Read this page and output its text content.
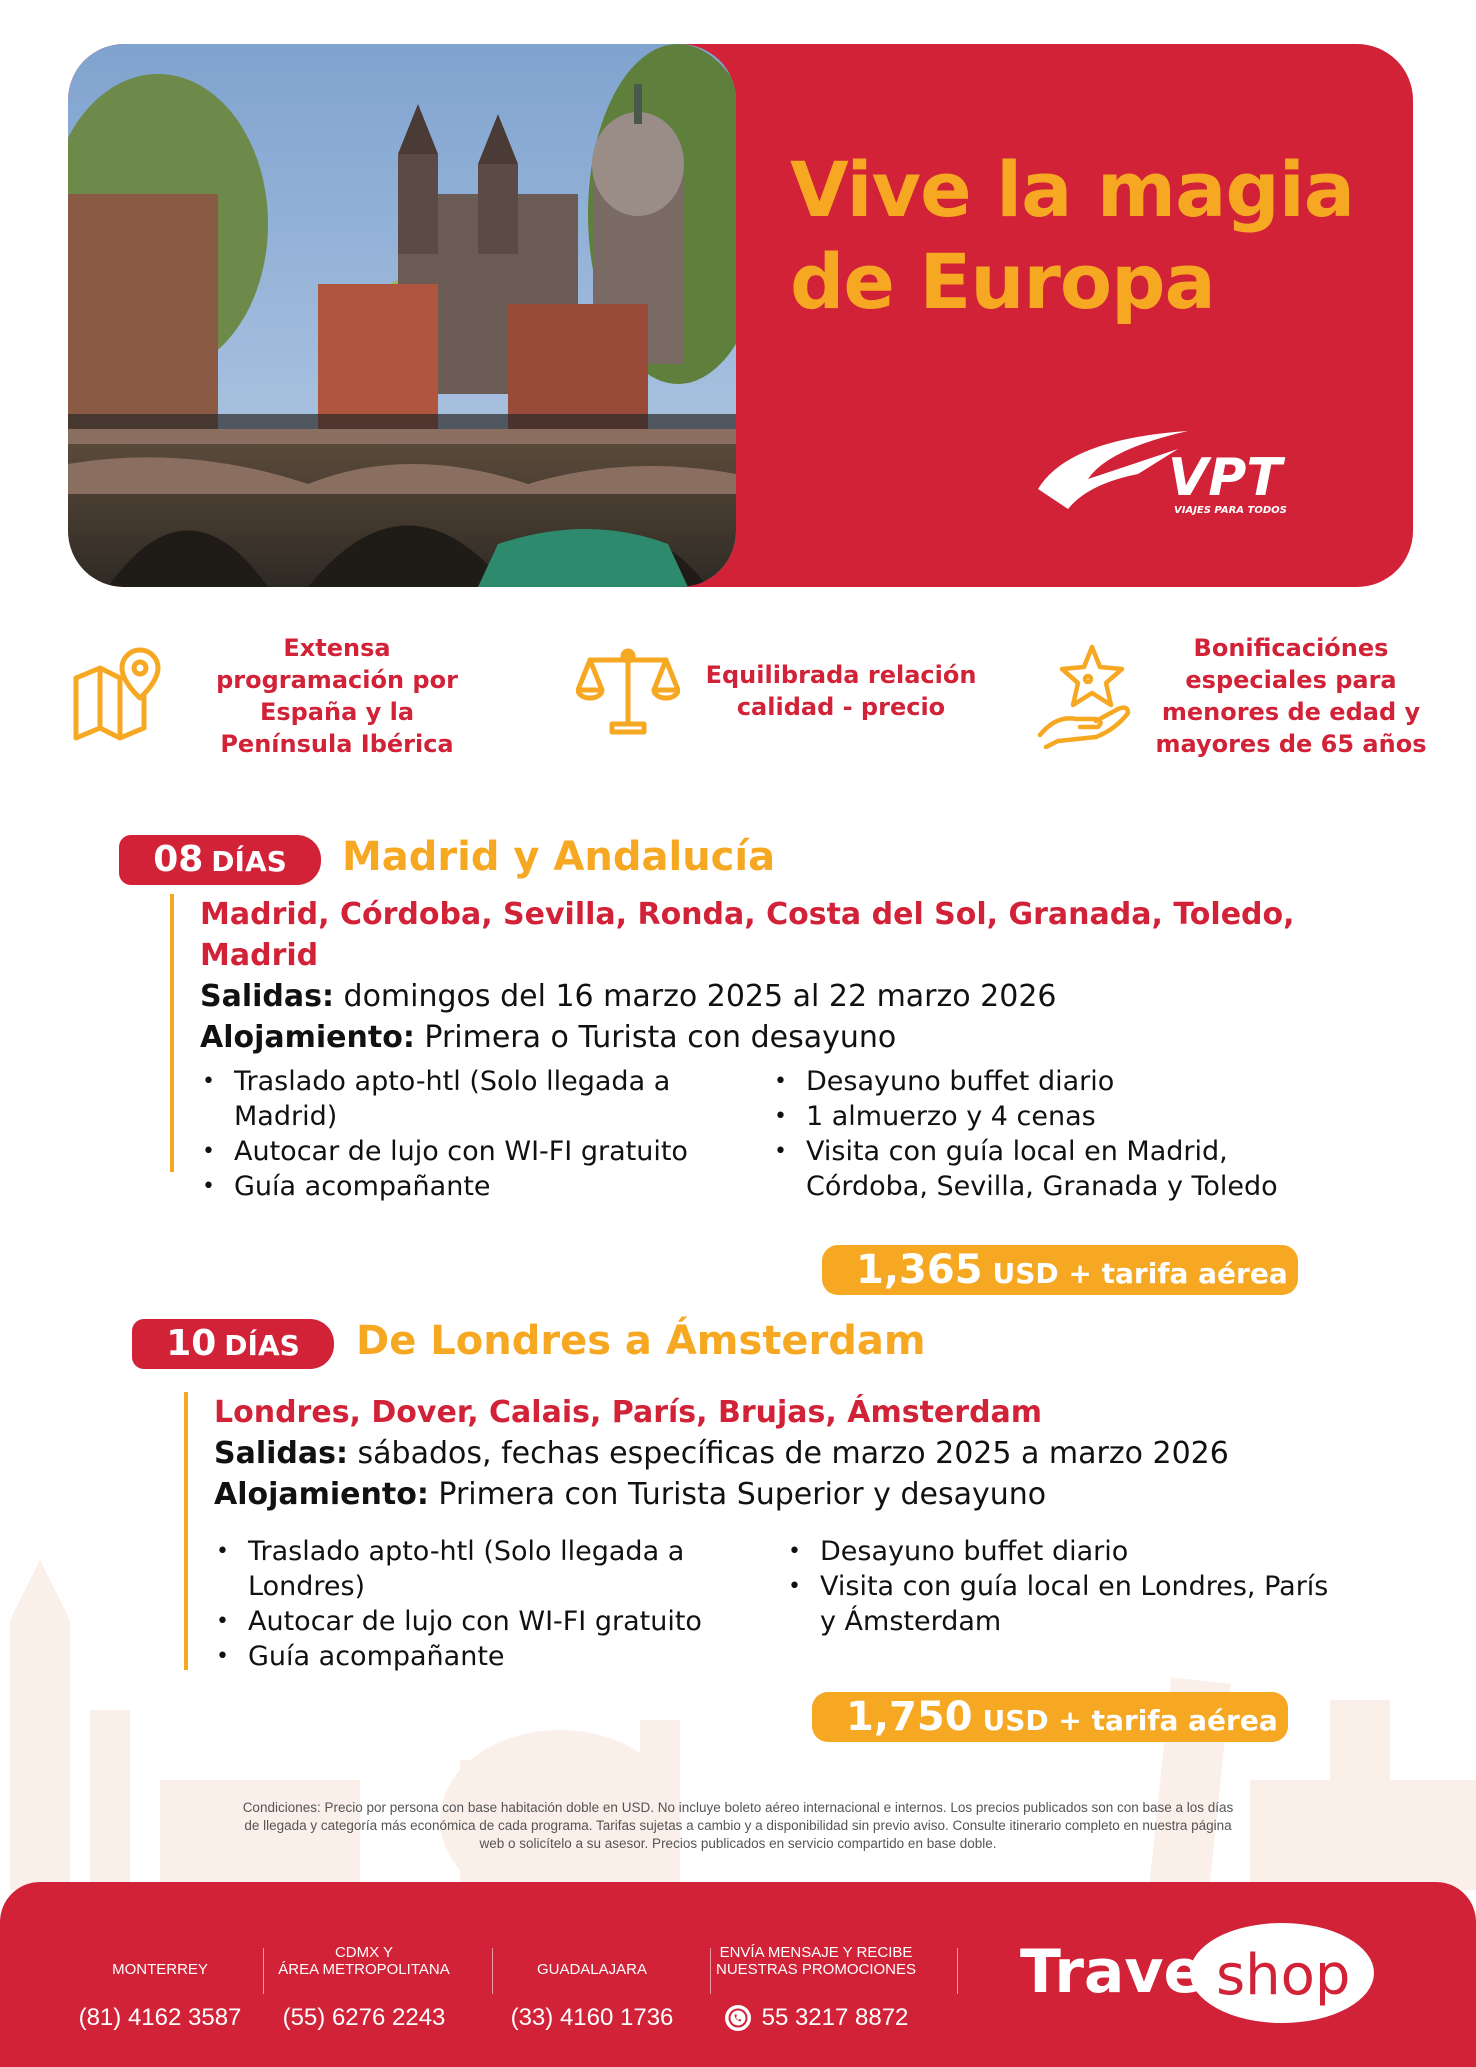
Vive la magia
de Europa
VPT
VIAJES PARA TODOS
Extensa
programación por
España y la
Península Ibérica
Equilibrada relación
calidad - precio
Bonificaciónes
especiales para
menores de edad y
mayores de 65 años
08 DÍAS Madrid y Andalucía
Madrid, Córdoba, Sevilla, Ronda, Costa del Sol, Granada, Toledo,
Madrid
Salidas: domingos del 16 marzo 2025 al 22 marzo 2026
Alojamiento: Primera o Turista con desayuno
• Traslado apto-htl (Solo llegada a
Madrid)
• Autocar de lujo con WI-FI gratuito
• Guía acompañante
• Desayuno buffet diario
• 1 almuerzo y 4 cenas
• Visita con guía local en Madrid,
Córdoba, Sevilla, Granada y Toledo
1,365 USD + tarifa aérea
10 DÍAS De Londres a Ámsterdam
Londres, Dover, Calais, París, Brujas, Ámsterdam
Salidas: sábados, fechas específicas de marzo 2025 a marzo 2026
Alojamiento: Primera con Turista Superior y desayuno
• Traslado apto-htl (Solo llegada a
Londres)
• Autocar de lujo con WI-FI gratuito
• Guía acompañante
• Desayuno buffet diario
• Visita con guía local en Londres, París
y Ámsterdam
1,750 USD + tarifa aérea
Condiciones: Precio por persona con base habitación doble en USD. No incluye boleto aéreo internacional e internos. Los precios publicados son con base a los días
de llegada y categoría más económica de cada programa. Tarifas sujetas a cambio y a disponibilidad sin previo aviso. Consulte itinerario completo en nuestra página
web o solicítelo a su asesor. Precios publicados en servicio compartido en base doble.
MONTERREY
(81) 4162 3587
CDMX Y
ÁREA METROPOLITANA
(55) 6276 2243
GUADALAJARA
(33) 4160 1736
ENVÍA MENSAJE Y RECIBE
NUESTRAS PROMOCIONES
55 3217 8872
Travel
shop
